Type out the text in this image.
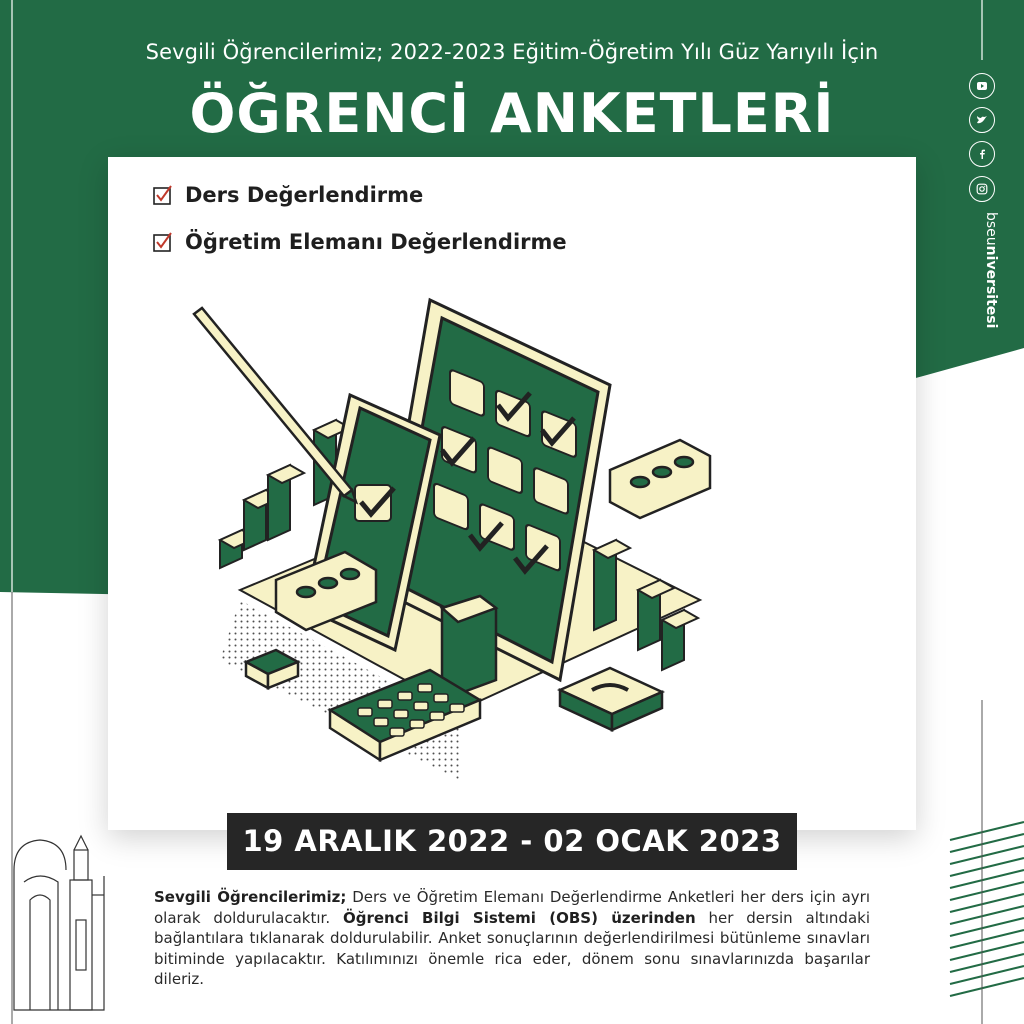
Sevgili Öğrencilerimiz; 2022-2023 Eğitim-Öğretim Yılı Güz Yarıyılı İçin
ÖĞRENCİ ANKETLERİ
bseuniversitesi
Ders Değerlendirme
Öğretim Elemanı Değerlendirme
19 ARALIK 2022 - 02 OCAK 2023
Sevgili Öğrencilerimiz; Ders ve Öğretim Elemanı Değerlendirme Anketleri her ders için ayrı olarak doldurulacaktır. Öğrenci Bilgi Sistemi (OBS) üzerinden her dersin altındaki bağlantılara tıklanarak doldurulabilir. Anket sonuçlarının değerlendirilmesi bütünleme sınavları bitiminde yapılacaktır. Katılımınızı önemle rica eder, dönem sonu sınavlarınızda başarılar dileriz.
